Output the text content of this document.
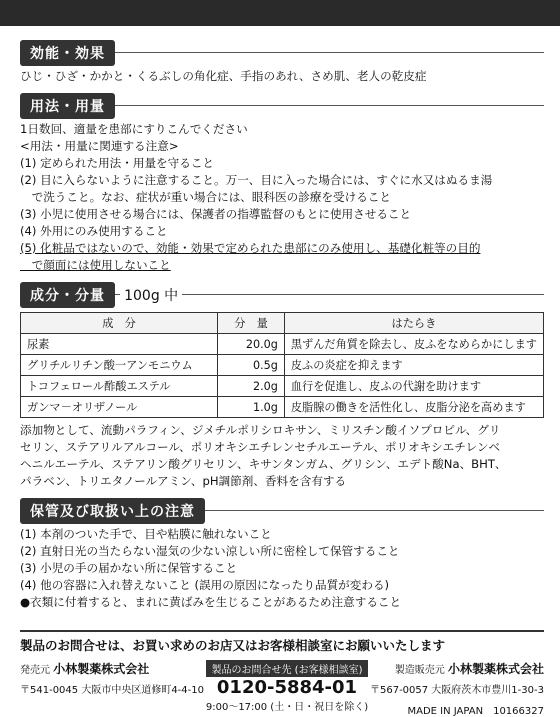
効能・効果

ひじ・ひざ・かかと・くるぶしの角化症、手指のあれ、さめ肌、老人の乾皮症

用法・用量

1日数回、適量を患部にすりこんでください

<用法・用量に関連する注意>

(1) 定められた用法・用量を守ること

(2) 目に入らないように注意すること。万一、目に入った場合には、すぐに水又はぬるま湯

　で洗うこと。なお、症状が重い場合には、眼科医の診療を受けること

(3) 小児に使用させる場合には、保護者の指導監督のもとに使用させること

(4) 外用にのみ使用すること

(5) 化粧品ではないので、効能・効果で定められた患部にのみ使用し、基礎化粧等の目的

　で顔面には使用しないこと

成分・分量 100g 中
成　分	分　量	はたらき
尿素	20.0g	黒ずんだ角質を除去し、皮ふをなめらかにします
グリチルリチン酸一アンモニウム	0.5g	皮ふの炎症を抑えます
トコフェロール酢酸エステル	2.0g	血行を促進し、皮ふの代謝を助けます
ガンマ－オリザノール	1.0g	皮脂腺の働きを活性化し、皮脂分泌を高めます

添加物として、流動パラフィン、ジメチルポリシロキサン、ミリスチン酸イソプロピル、グリ

セリン、ステアリルアルコール、ポリオキシエチレンセチルエーテル、ポリオキシエチレンベ

ヘニルエーテル、ステアリン酸グリセリン、キサンタンガム、グリシン、エデト酸Na、BHT、

パラベン、トリエタノールアミン、pH調節剤、香料を含有する

保管及び取扱い上の注意

(1) 本剤のついた手で、目や粘膜に触れないこと

(2) 直射日光の当たらない湿気の少ない涼しい所に密栓して保管すること

(3) 小児の手の届かない所に保管すること

(4) 他の容器に入れ替えないこと (誤用の原因になったり品質が変わる)

●衣類に付着すると、まれに黄ばみを生じることがあるため注意すること

製品のお問合せは、お買い求めのお店又はお客様相談室にお願いいたします
発売元 小林製薬株式会社
〒541-0045 大阪市中央区道修町4-4-10
製品のお問合せ先 (お客様相談室)
0120-5884-01
9:00～17:00 (土・日・祝日を除く)
製造販売元 小林製薬株式会社
〒567-0057 大阪府茨木市豊川1-30-3
MADE IN JAPAN　 10166327
